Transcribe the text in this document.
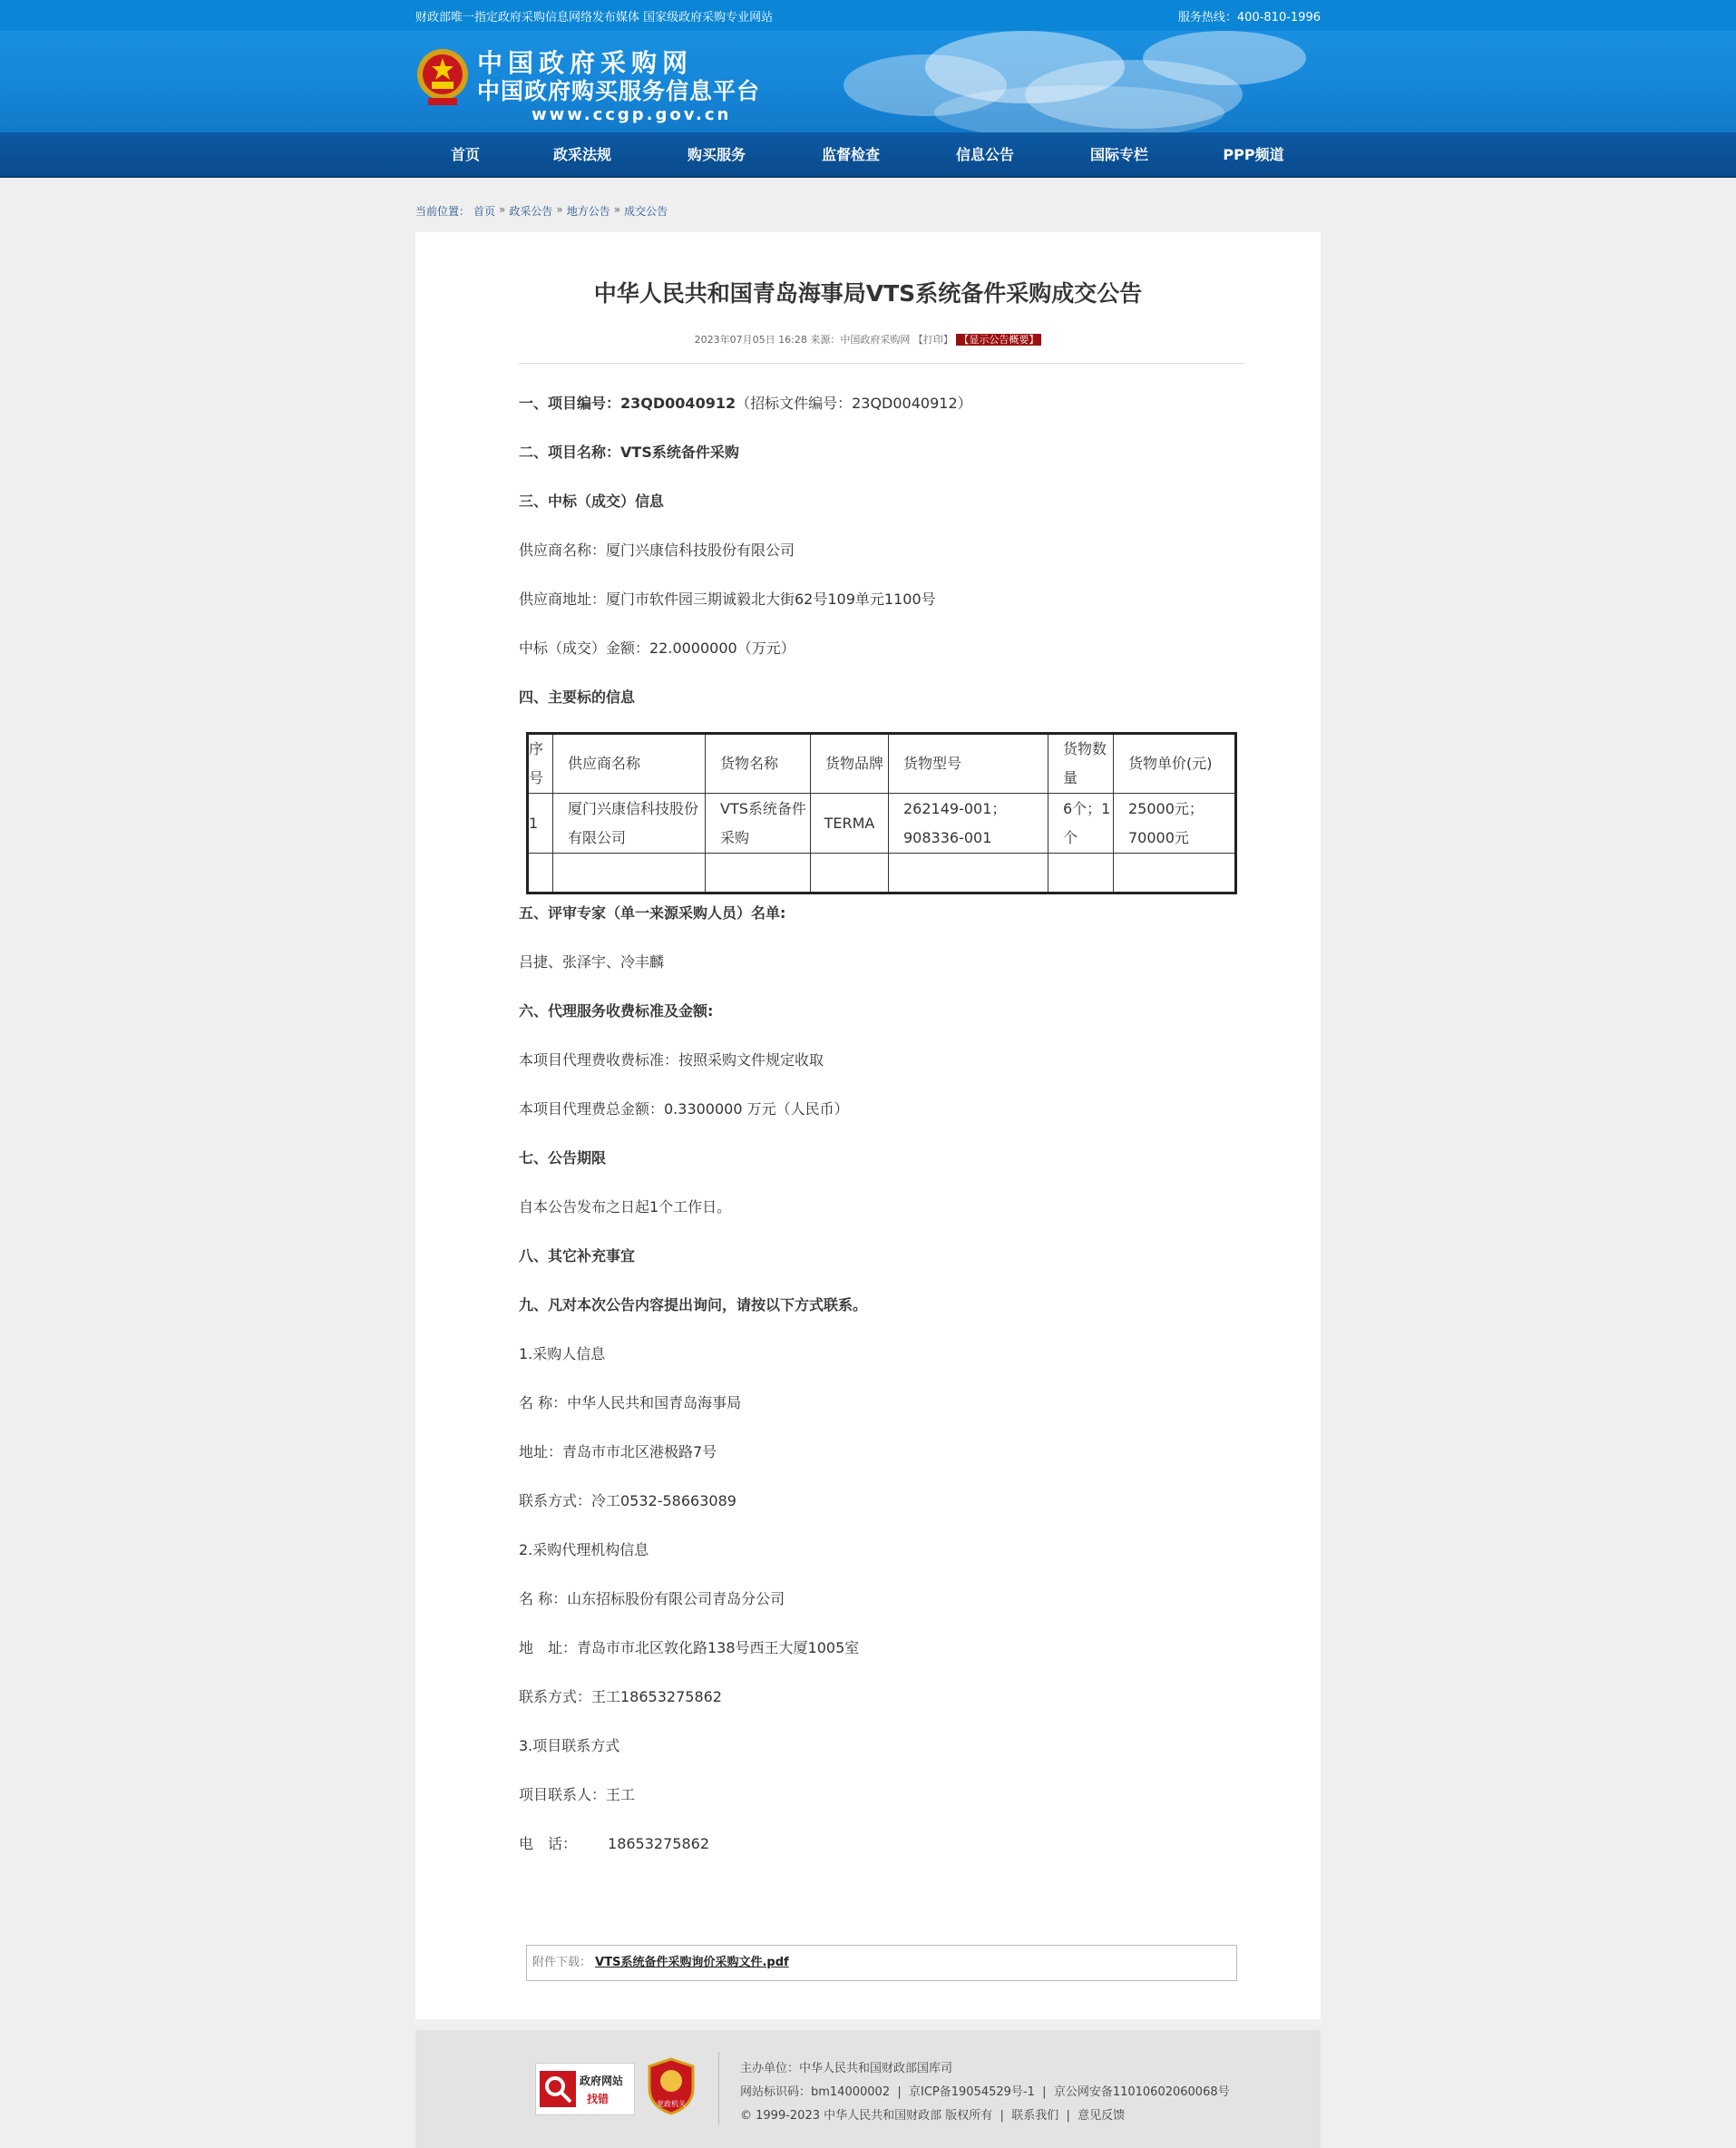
财政部唯一指定政府采购信息网络发布媒体 国家级政府采购专业网站	服务热线：400-810-1996
中国政府采购网
中国政府购买服务信息平台
www.ccgp.gov.cn
首页	政采法规	购买服务	监督检查	信息公告	国际专栏	PPP频道
当前位置： 首页 » 政采公告 » 地方公告 » 成交公告
中华人民共和国青岛海事局VTS系统备件采购成交公告
2023年07月05日 16:28 来源：中国政府采购网 【打印】 【显示公告概要】
一、项目编号：23QD0040912（招标文件编号：23QD0040912）
二、项目名称：VTS系统备件采购
三、中标（成交）信息
供应商名称：厦门兴康信科技股份有限公司
供应商地址：厦门市软件园三期诚毅北大街62号109单元1100号
中标（成交）金额：22.0000000（万元）
四、主要标的信息
五、评审专家（单一来源采购人员）名单:
吕捷、张泽宇、冷丰麟
六、代理服务收费标准及金额:
本项目代理费收费标准：按照采购文件规定收取
本项目代理费总金额：0.3300000 万元（人民币）
七、公告期限
自本公告发布之日起1个工作日。
八、其它补充事宜
九、凡对本次公告内容提出询问，请按以下方式联系。
1.采购人信息
名 称：中华人民共和国青岛海事局
地址：青岛市市北区港极路7号
联系方式：冷工0532-58663089
2.采购代理机构信息
名 称：山东招标股份有限公司青岛分公司
地　址：青岛市市北区敦化路138号西王大厦1005室
联系方式：王工18653275862
3.项目联系方式
项目联系人：王工
电　话： 18653275862
序号	供应商名称	货物名称	货物品牌	货物型号	货物数量	货物单价(元)
1	厦门兴康信科技股份有限公司	VTS系统备件采购	TERMA	262149-001；908336-001	6个；1个	25000元；70000元

附件下载： VTS系统备件采购询价采购文件.pdf
政府网站
找错	党政机关
主办单位：中华人民共和国财政部国库司
网站标识码：bm14000002  |  京ICP备19054529号-1  |  京公网安备11010602060068号
© 1999-2023 中华人民共和国财政部 版权所有  |  联系我们  |  意见反馈
